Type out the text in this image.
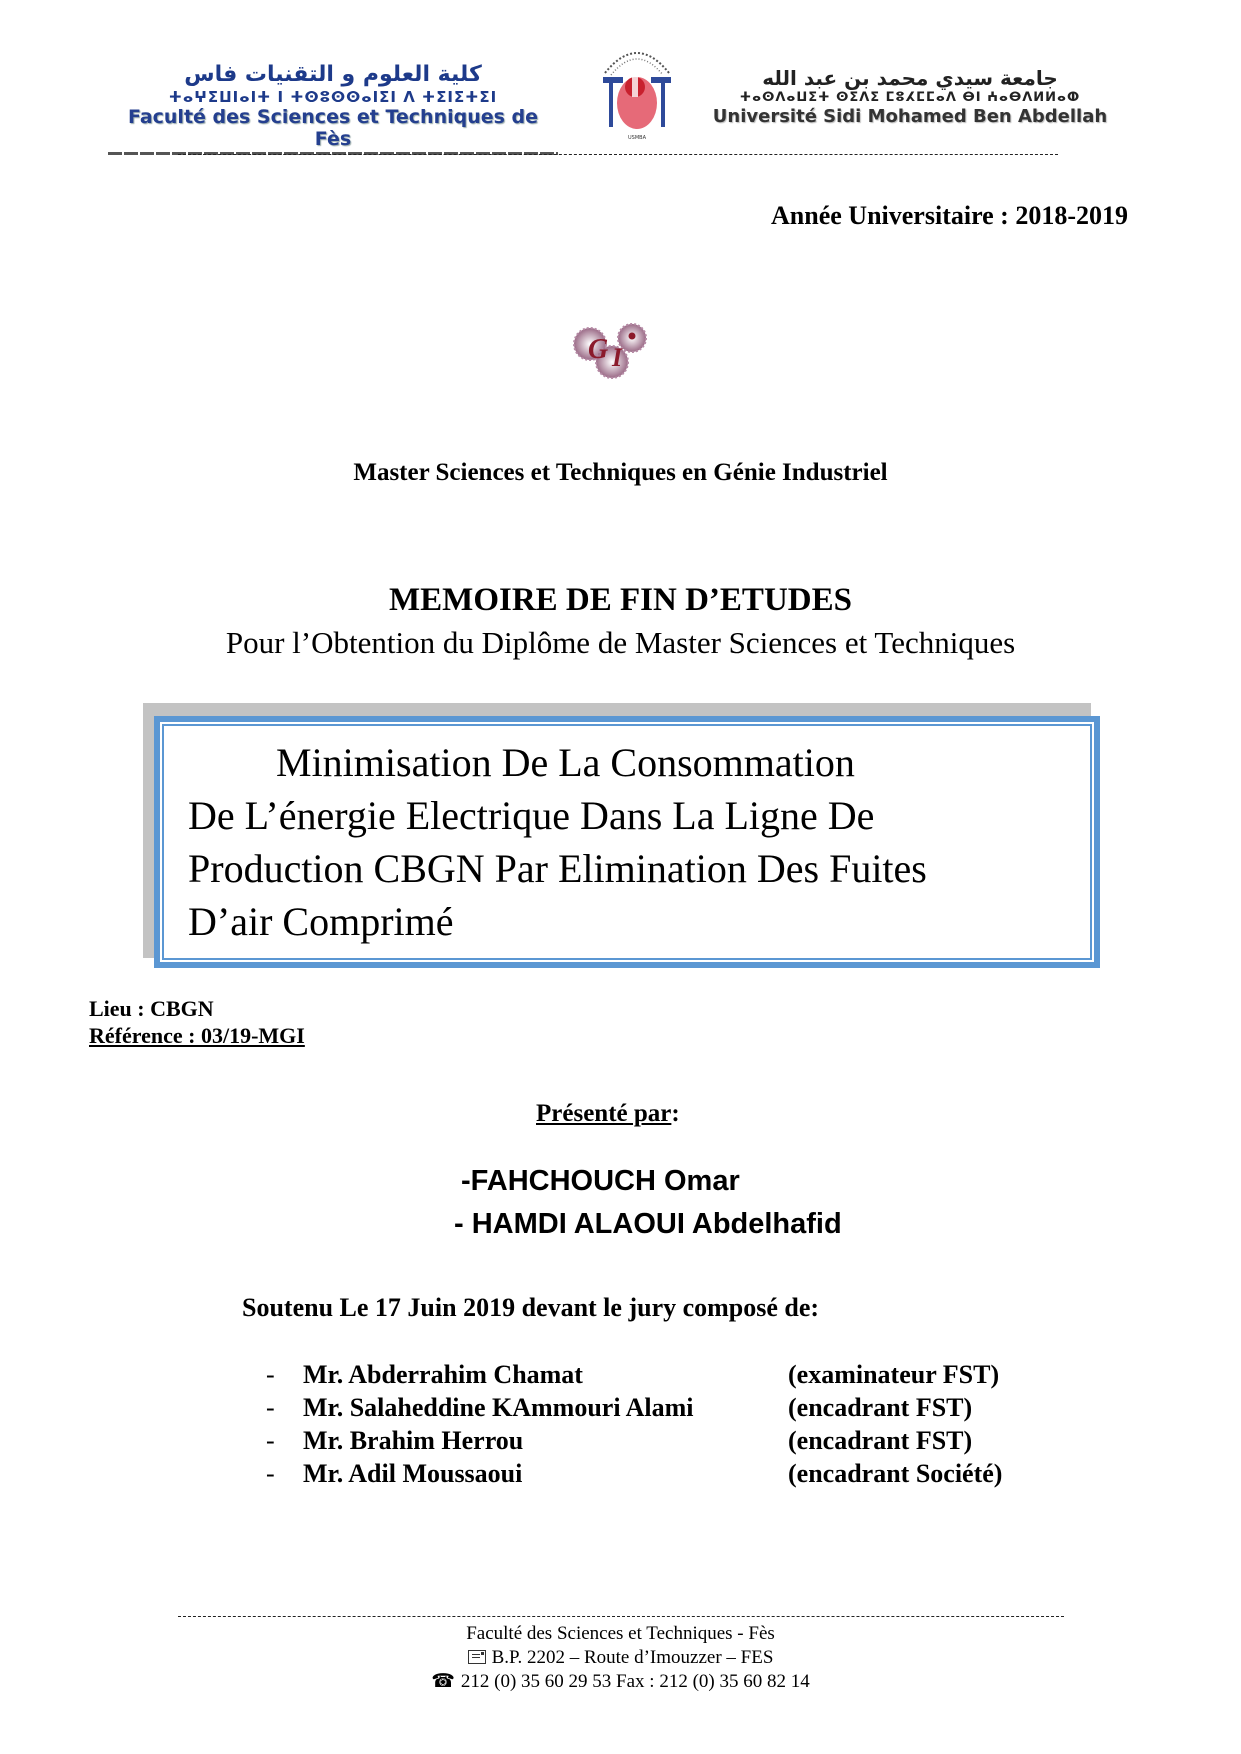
كلية العلوم و التقنيات فاس
ⵜⴰⵖⵉⵡⵏⴰⵏⵜ ⵏ ⵜⵙⵓⵙⵙⴰⵏⵉⵏ ⴷ ⵜⵉⵏⵉⵜⵉⵏ
Faculté des Sciences et Techniques de Fès	USMBA
جامعة سيدي محمد بن عبد الله
ⵜⴰⵙⴷⴰⵡⵉⵜ ⵙⵉⴷⵉ ⵎⵓⵃⵎⵎⴰⴷ ⴱⵏ ⵄⴰⴱⴷⵍⵍⴰⵀ
Université Sidi Mohamed Ben Abdellah
Année Universitaire : 2018-2019
G I
Master Sciences et Techniques en Génie Industriel
MEMOIRE DE FIN D’ETUDES
Pour l’Obtention du Diplôme de Master Sciences et Techniques
Minimisation De La Consommation
De L’énergie Electrique Dans La Ligne De
Production CBGN Par Elimination Des Fuites
D’air Comprimé
Lieu : CBGN
Référence : 03/19-MGI
Présenté par:
-FAHCHOUCH Omar
- HAMDI ALAOUI Abdelhafid
Soutenu Le 17 Juin 2019 devant le jury composé de:
- Mr. Abderrahim Chamat	(examinateur FST)
- Mr. Salaheddine KAmmouri Alami	(encadrant FST)
- Mr. Brahim Herrou	(encadrant FST)
- Mr. Adil Moussaoui	(encadrant Société)
Faculté des Sciences et Techniques - Fès
B.P. 2202 – Route d’Imouzzer – FES
☎ 212 (0) 35 60 29 53 Fax : 212 (0) 35 60 82 14
